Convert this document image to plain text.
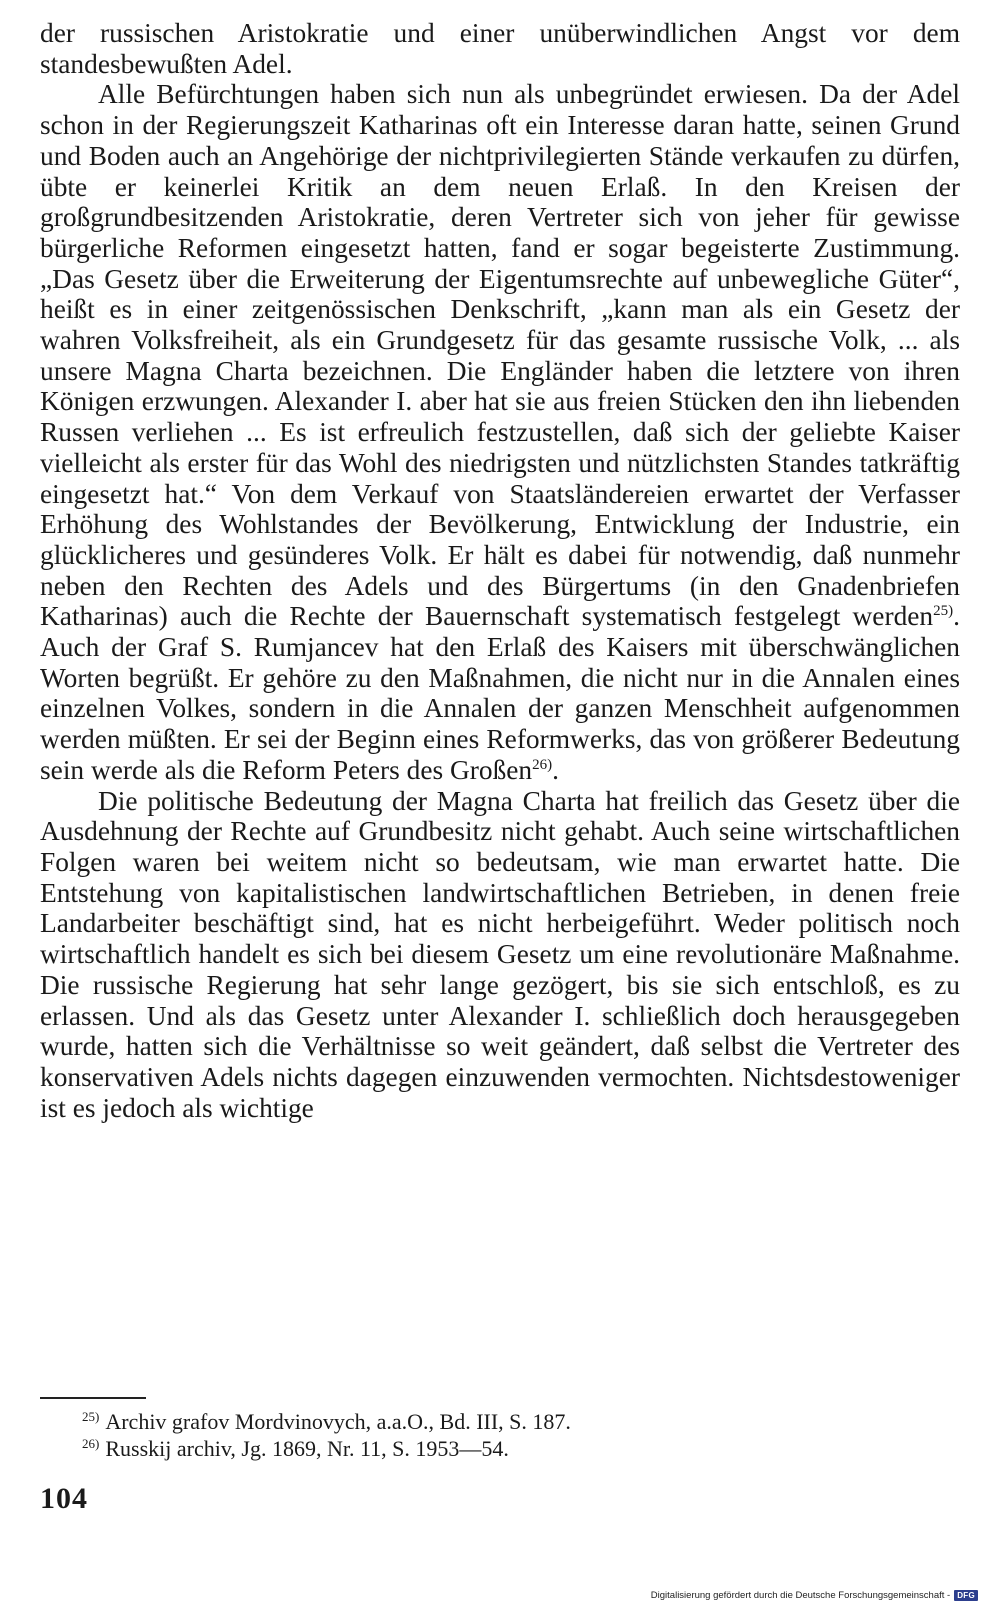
der russischen Aristokratie und einer unüberwindlichen Angst vor dem standesbewußten Adel.

Alle Befürchtungen haben sich nun als unbegründet erwiesen. Da der Adel schon in der Regierungszeit Katharinas oft ein Interesse daran hatte, seinen Grund und Boden auch an Angehörige der nichtprivilegierten Stände verkaufen zu dürfen, übte er keinerlei Kritik an dem neuen Erlaß. In den Kreisen der großgrundbesitzenden Aristokratie, deren Vertreter sich von jeher für gewisse bürgerliche Reformen eingesetzt hatten, fand er sogar begeisterte Zustimmung. „Das Gesetz über die Erweiterung der Eigentumsrechte auf unbewegliche Güter“, heißt es in einer zeitgenössischen Denkschrift, „kann man als ein Gesetz der wahren Volksfreiheit, als ein Grundgesetz für das gesamte russische Volk, ... als unsere Magna Charta bezeichnen. Die Engländer haben die letztere von ihren Königen erzwungen. Alexander I. aber hat sie aus freien Stücken den ihn liebenden Russen verliehen ... Es ist erfreulich festzustellen, daß sich der geliebte Kaiser vielleicht als erster für das Wohl des niedrigsten und nützlichsten Standes tatkräftig eingesetzt hat.“ Von dem Verkauf von Staatsländereien erwartet der Verfasser Erhöhung des Wohlstandes der Bevölkerung, Entwicklung der Industrie, ein glücklicheres und gesünderes Volk. Er hält es dabei für notwendig, daß nunmehr neben den Rechten des Adels und des Bürgertums (in den Gnadenbriefen Katharinas) auch die Rechte der Bauernschaft systematisch festgelegt werden$^{25)}$. Auch der Graf S. Rumjancev hat den Erlaß des Kaisers mit überschwänglichen Worten begrüßt. Er gehöre zu den Maßnahmen, die nicht nur in die Annalen eines einzelnen Volkes, sondern in die Annalen der ganzen Menschheit aufgenommen werden müßten. Er sei der Beginn eines Reformwerks, das von größerer Bedeutung sein werde als die Reform Peters des Großen$^{26)}$.

Die politische Bedeutung der Magna Charta hat freilich das Gesetz über die Ausdehnung der Rechte auf Grundbesitz nicht gehabt. Auch seine wirtschaftlichen Folgen waren bei weitem nicht so bedeutsam, wie man erwartet hatte. Die Entstehung von kapitalistischen landwirtschaftlichen Betrieben, in denen freie Landarbeiter beschäftigt sind, hat es nicht herbeigeführt. Weder politisch noch wirtschaftlich handelt es sich bei diesem Gesetz um eine revolutionäre Maßnahme. Die russische Regierung hat sehr lange gezögert, bis sie sich entschloß, es zu erlassen. Und als das Gesetz unter Alexander I. schließlich doch herausgegeben wurde, hatten sich die Verhältnisse so weit geändert, daß selbst die Vertreter des konservativen Adels nichts dagegen einzuwenden vermochten. Nichtsdestoweniger ist es jedoch als wichtige

$^{25)}$ Archiv grafov Mordvinovych, a.a.O., Bd. III, S. 187.
$^{26)}$ Russkij archiv, Jg. 1869, Nr. 11, S. 1953—54.
104
Digitalisierung gefördert durch die Deutsche Forschungsgemeinschaft - DFG
